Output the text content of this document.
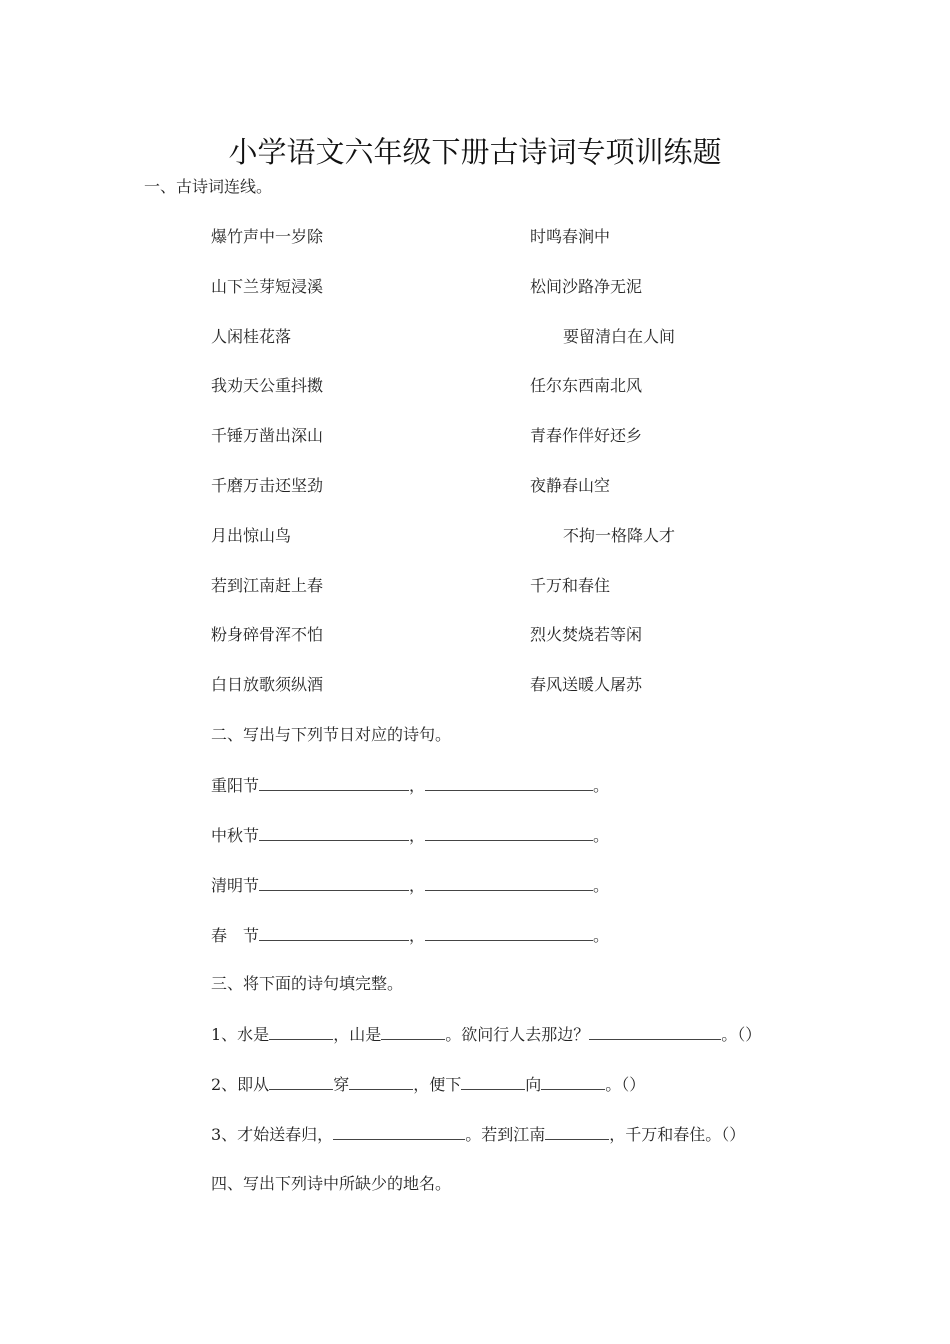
小学语文六年级下册古诗词专项训练题
一、古诗词连线。
爆竹声中一岁除	时鸣春涧中
山下兰芽短浸溪	松间沙路净无泥
人闲桂花落	要留清白在人间
我劝天公重抖擞	任尔东西南北风
千锤万凿出深山	青春作伴好还乡
千磨万击还坚劲	夜静春山空
月出惊山鸟	不拘一格降人才
若到江南赶上春	千万和春住
粉身碎骨浑不怕	烈火焚烧若等闲
白日放歌须纵酒	春风送暖人屠苏
二、写出与下列节日对应的诗句。
重阳节	，	。
中秋节	，	。
清明节	，	。
春　节	，	。
三、将下面的诗句填完整。
1、水是	，山是	。欲问行人去那边？	。（）
2、即从	穿	，便下	向	。（）
3、才始送春归，	。若到江南	，千万和春住。（）
四、写出下列诗中所缺少的地名。
